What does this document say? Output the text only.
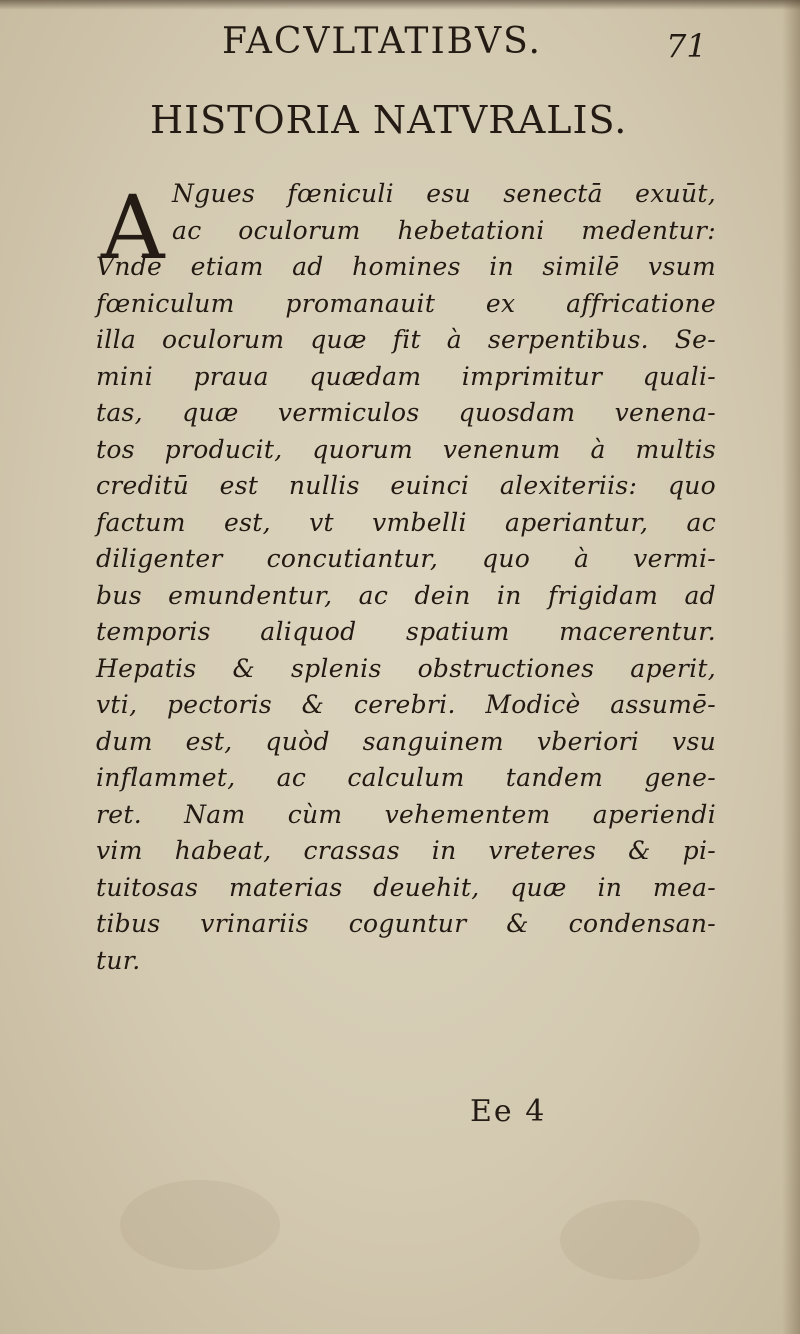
FACVLTATIBVS.	71
HISTORIA NATVRALIS.
A Ngues fœniculi esu senectā exuūt,
ac oculorum hebetationi medentur:
Vnde etiam ad homines in similē vsum
fœniculum promanauit ex affricatione
illa oculorum quæ fit à serpentibus. Se-
mini praua quædam imprimitur quali-
tas, quæ vermiculos quosdam venena-
tos producit, quorum venenum à multis
creditū est nullis euinci alexiteriis: quo
factum est, vt vmbelli aperiantur, ac
diligenter concutiantur, quo à vermi-
bus emundentur, ac dein in frigidam ad
temporis aliquod spatium macerentur.
Hepatis & splenis obstructiones aperit,
vti, pectoris & cerebri. Modicè assumē-
dum est, quòd sanguinem vberiori vsu
inflammet, ac calculum tandem gene-
ret. Nam cùm vehementem aperiendi
vim habeat, crassas in vreteres & pi-
tuitosas materias deuehit, quæ in mea-
tibus vrinariis coguntur & condensan-
tur.
Ee 4
